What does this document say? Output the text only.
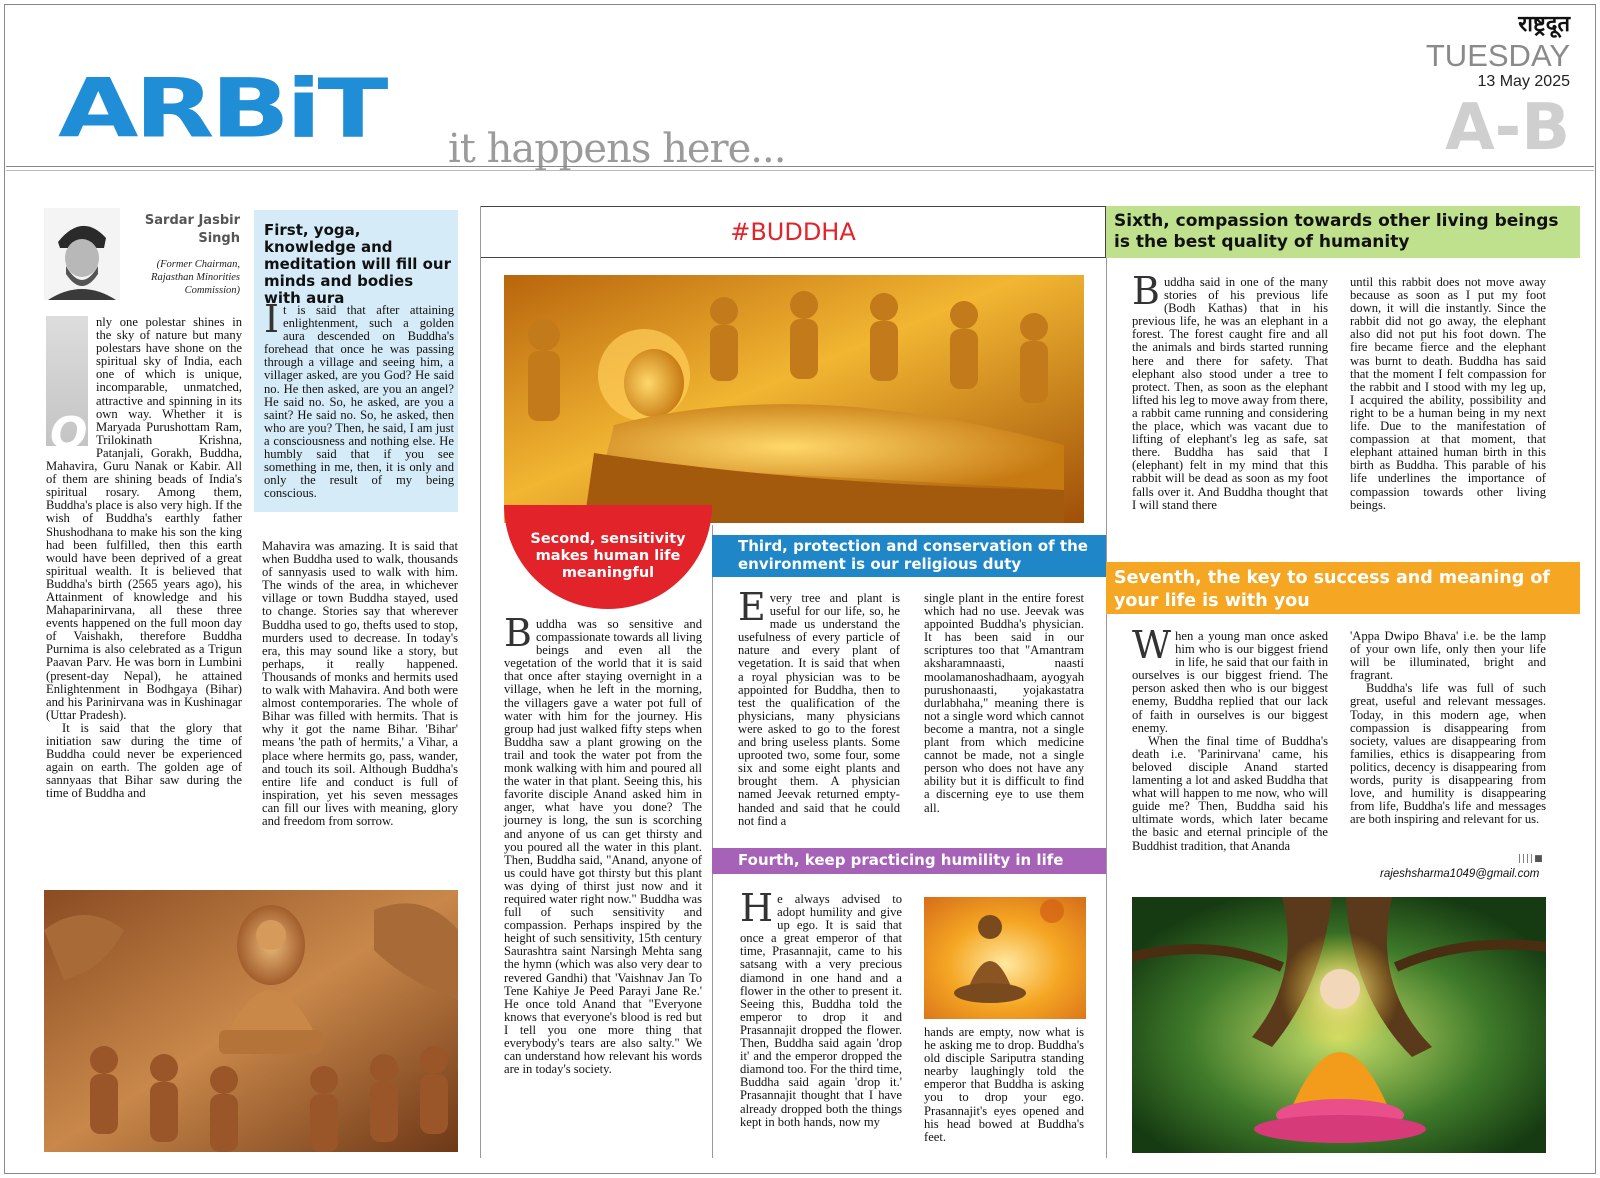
ARBiT it happens here...
राष्ट्रदूत
TUESDAY
13 May 2025
A-B
Sardar Jasbir Singh
(Former Chairman, Rajasthan Minorities Commission)
O

nly one polestar shines in the sky of nature but many polestars have shone on the spiritual sky of India, each one of which is unique, incomparable, unmatched, attractive and spinning in its own way. Whether it is Maryada Purushottam Ram, Trilokinath Krishna, Patanjali, Gorakh, Buddha, Mahavira, Guru Nanak or Kabir. All of them are shining beads of India's spiritual rosary. Among them, Buddha's place is also very high. If the wish of Buddha's earthly father Shushodhana to make his son the king had been fulfilled, then this earth would have been deprived of a great spiritual wealth. It is believed that Buddha's birth (2565 years ago), his Attainment of knowledge and his Mahaparinirvana, all these three events happened on the full moon day of Vaishakh, therefore Buddha Purnima is also celebrated as a Trigun Paavan Parv. He was born in Lumbini (present-day Nepal), he attained Enlightenment in Bodhgaya (Bihar) and his Parinirvana was in Kushinagar (Uttar Pradesh).

It is said that the glory that initiation saw during the time of Buddha could never be experienced again on earth. The golden age of sannyaas that Bihar saw during the time of Buddha and

First, yoga, knowledge and meditation will fill our minds and bodies with aura
I t is said that after attaining enlightenment, such a golden aura descended on Buddha's forehead that once he was passing through a village and seeing him, a villager asked, are you God? He said no. He then asked, are you an angel? He said no. So, he asked, are you a saint? He said no. So, he asked, then who are you? Then, he said, I am just a consciousness and nothing else. He humbly said that if you see something in me, then, it is only and only the result of my being conscious.

Mahavira was amazing. It is said that when Buddha used to walk, thousands of sannyasis used to walk with him. The winds of the area, in whichever village or town Buddha stayed, used to change. Stories say that wherever Buddha used to go, thefts used to stop, murders used to decrease. In today's era, this may sound like a story, but perhaps, it really happened. Thousands of monks and hermits used to walk with Mahavira. And both were almost contemporaries. The whole of Bihar was filled with hermits. That is why it got the name Bihar. 'Bihar' means 'the path of hermits,' a Vihar, a place where hermits go, pass, wander, and touch its soil. Although Buddha's entire life and conduct is full of inspiration, yet his seven messages can fill our lives with meaning, glory and freedom from sorrow.

#BUDDHA
Second, sensitivity makes human life meaningful
B uddha was so sensitive and compassionate towards all living beings and even all the vegetation of the world that it is said that once after staying overnight in a village, when he left in the morning, the villagers gave a water pot full of water with him for the journey. His group had just walked fifty steps when Buddha saw a plant growing on the trail and took the water pot from the monk walking with him and poured all the water in that plant. Seeing this, his favorite disciple Anand asked him in anger, what have you done? The journey is long, the sun is scorching and anyone of us can get thirsty and you poured all the water in this plant. Then, Buddha said, "Anand, anyone of us could have got thirsty but this plant was dying of thirst just now and it required water right now." Buddha was full of such sensitivity and compassion. Perhaps inspired by the height of such sensitivity, 15th century Saurashtra saint Narsingh Mehta sang the hymn (which was also very dear to revered Gandhi) that 'Vaishnav Jan To Tene Kahiye Je Peed Parayi Jane Re.' He once told Anand that "Everyone knows that everyone's blood is red but I tell you one more thing that everybody's tears are also salty." We can understand how relevant his words are in today's society.

Third, protection and conservation of the environment is our religious duty
E very tree and plant is useful for our life, so, he made us understand the usefulness of every particle of nature and every plant of vegetation. It is said that when a royal physician was to be appointed for Buddha, then to test the qualification of the physicians, many physicians were asked to go to the forest and bring useless plants. Some uprooted two, some four, some six and some eight plants and brought them. A physician named Jeevak returned empty-handed and said that he could not find a

single plant in the entire forest which had no use. Jeevak was appointed Buddha's physician. It has been said in our scriptures too that "Amantram aksharamnaasti, naasti moolamanoshadhaam, ayogyah purushonaasti, yojakastatra durlabhaha," meaning there is not a single word which cannot become a mantra, not a single plant from which medicine cannot be made, not a single person who does not have any ability but it is difficult to find a discerning eye to use them all.

Fourth, keep practicing humility in life
H e always advised to adopt humility and give up ego. It is said that once a great emperor of that time, Prasannajit, came to his satsang with a very precious diamond in one hand and a flower in the other to present it. Seeing this, Buddha told the emperor to drop it and Prasannajit dropped the flower. Then, Buddha said again 'drop it' and the emperor dropped the diamond too. For the third time, Buddha said again 'drop it.' Prasannajit thought that I have already dropped both the things kept in both hands, now my

hands are empty, now what is he asking me to drop. Buddha's old disciple Sariputra standing nearby laughingly told the emperor that Buddha is asking you to drop your ego. Prasannajit's eyes opened and his head bowed at Buddha's feet.

Sixth, compassion towards other living beings is the best quality of humanity
B uddha said in one of the many stories of his previous life (Bodh Kathas) that in his previous life, he was an elephant in a forest. The forest caught fire and all the animals and birds started running here and there for safety. That elephant also stood under a tree to protect. Then, as soon as the elephant lifted his leg to move away from there, a rabbit came running and considering the place, which was vacant due to lifting of elephant's leg as safe, sat there. Buddha has said that I (elephant) felt in my mind that this rabbit will be dead as soon as my foot falls over it. And Buddha thought that I will stand there

until this rabbit does not move away because as soon as I put my foot down, it will die instantly. Since the rabbit did not go away, the elephant also did not put his foot down. The fire became fierce and the elephant was burnt to death. Buddha has said that the moment I felt compassion for the rabbit and I stood with my leg up, I acquired the ability, possibility and right to be a human being in my next life. Due to the manifestation of compassion at that moment, that elephant attained human birth in this birth as Buddha. This parable of his life underlines the importance of compassion towards other living beings.

Seventh, the key to success and meaning of your life is with you
W hen a young man once asked him who is our biggest friend in life, he said that our faith in ourselves is our biggest friend. The person asked then who is our biggest enemy, Buddha replied that our lack of faith in ourselves is our biggest enemy.

When the final time of Buddha's death i.e. 'Parinirvana' came, his beloved disciple Anand started lamenting a lot and asked Buddha that what will happen to me now, who will guide me? Then, Buddha said his ultimate words, which later became the basic and eternal principle of the Buddhist tradition, that Ananda

'Appa Dwipo Bhava' i.e. be the lamp of your own life, only then your life will be illuminated, bright and fragrant.

Buddha's life was full of such great, useful and relevant messages. Today, in this modern age, when compassion is disappearing from society, values are disappearing from families, ethics is disappearing from politics, decency is disappearing from words, purity is disappearing from love, and humility is disappearing from life, Buddha's life and messages are both inspiring and relevant for us.

||||■
rajeshsharma1049@gmail.com
